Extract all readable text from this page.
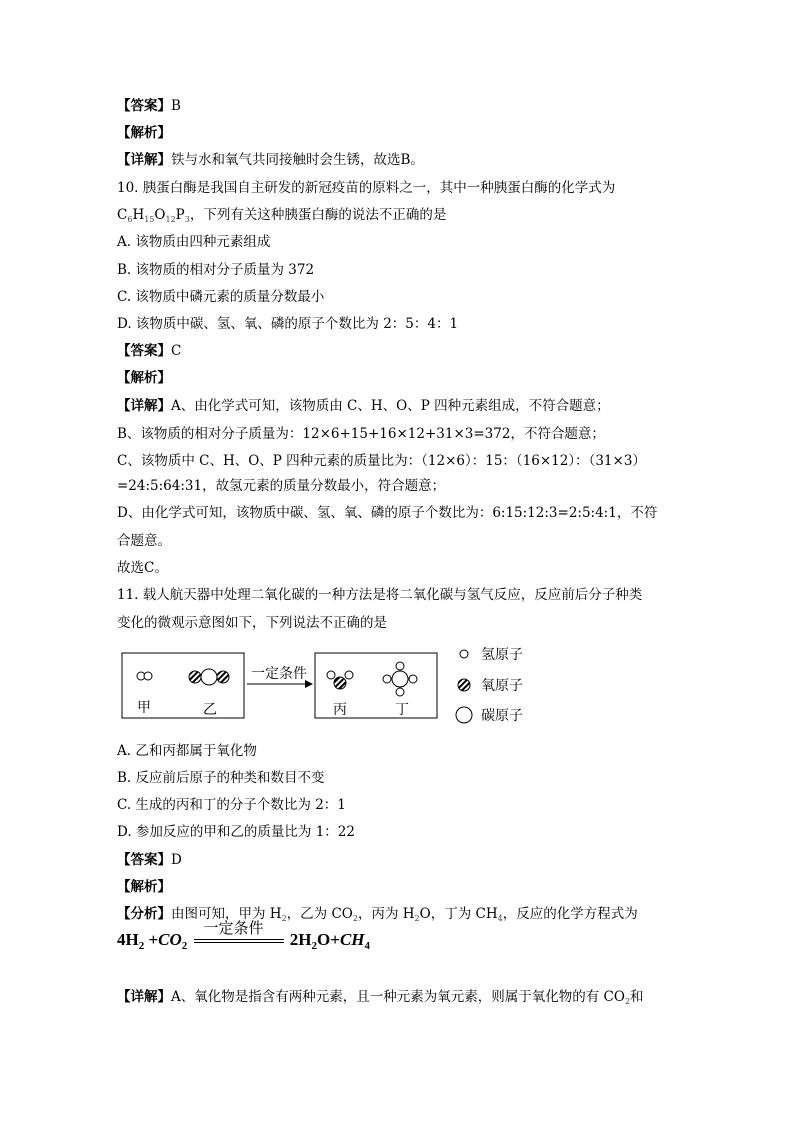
【答案】B
【解析】
【详解】铁与水和氧气共同接触时会生锈，故选B。
10. 胰蛋白酶是我国自主研发的新冠疫苗的原料之一，其中一种胰蛋白酶的化学式为
$C_6H_{15}O_{12}P_3$，下列有关这种胰蛋白酶的说法不正确的是
A. 该物质由四种元素组成
B. 该物质的相对分子质量为 372
C. 该物质中磷元素的质量分数最小
D. 该物质中碳、氢、氧、磷的原子个数比为 2：5：4：1
【答案】C
【解析】
【详解】A、由化学式可知，该物质由 C、H、O、P 四种元素组成，不符合题意；
B、该物质的相对分子质量为：12×6+15+16×12+31×3=372，不符合题意；
C、该物质中 C、H、O、P 四种元素的质量比为：（12×6）：15：（16×12）：（31×3）
=24:5:64:31，故氢元素的质量分数最小，符合题意；
D、由化学式可知，该物质中碳、氢、氧、磷的原子个数比为：6:15:12:3=2:5:4:1，不符
合题意。
故选C。
11. 载人航天器中处理二氧化碳的一种方法是将二氧化碳与氢气反应，反应前后分子种类
变化的微观示意图如下，下列说法不正确的是
A. 乙和丙都属于氧化物
B. 反应前后原子的种类和数目不变
C. 生成的丙和丁的分子个数比为 2：1
D. 参加反应的甲和乙的质量比为 1：22
【答案】D
【解析】
【分析】由图可知，甲为 $H_2$，乙为 $CO_2$，丙为 $H_2O$，丁为 $CH_4$，反应的化学方程式为
【详解】A、氧化物是指含有两种元素，且一种元素为氧元素，则属于氧化物的有 $CO_2$和
甲	乙
一定条件
丙	丁
氢原子
氧原子
碳原子
$4H_2 +CO_2$
一定条件
$2H_2O+CH_4$
